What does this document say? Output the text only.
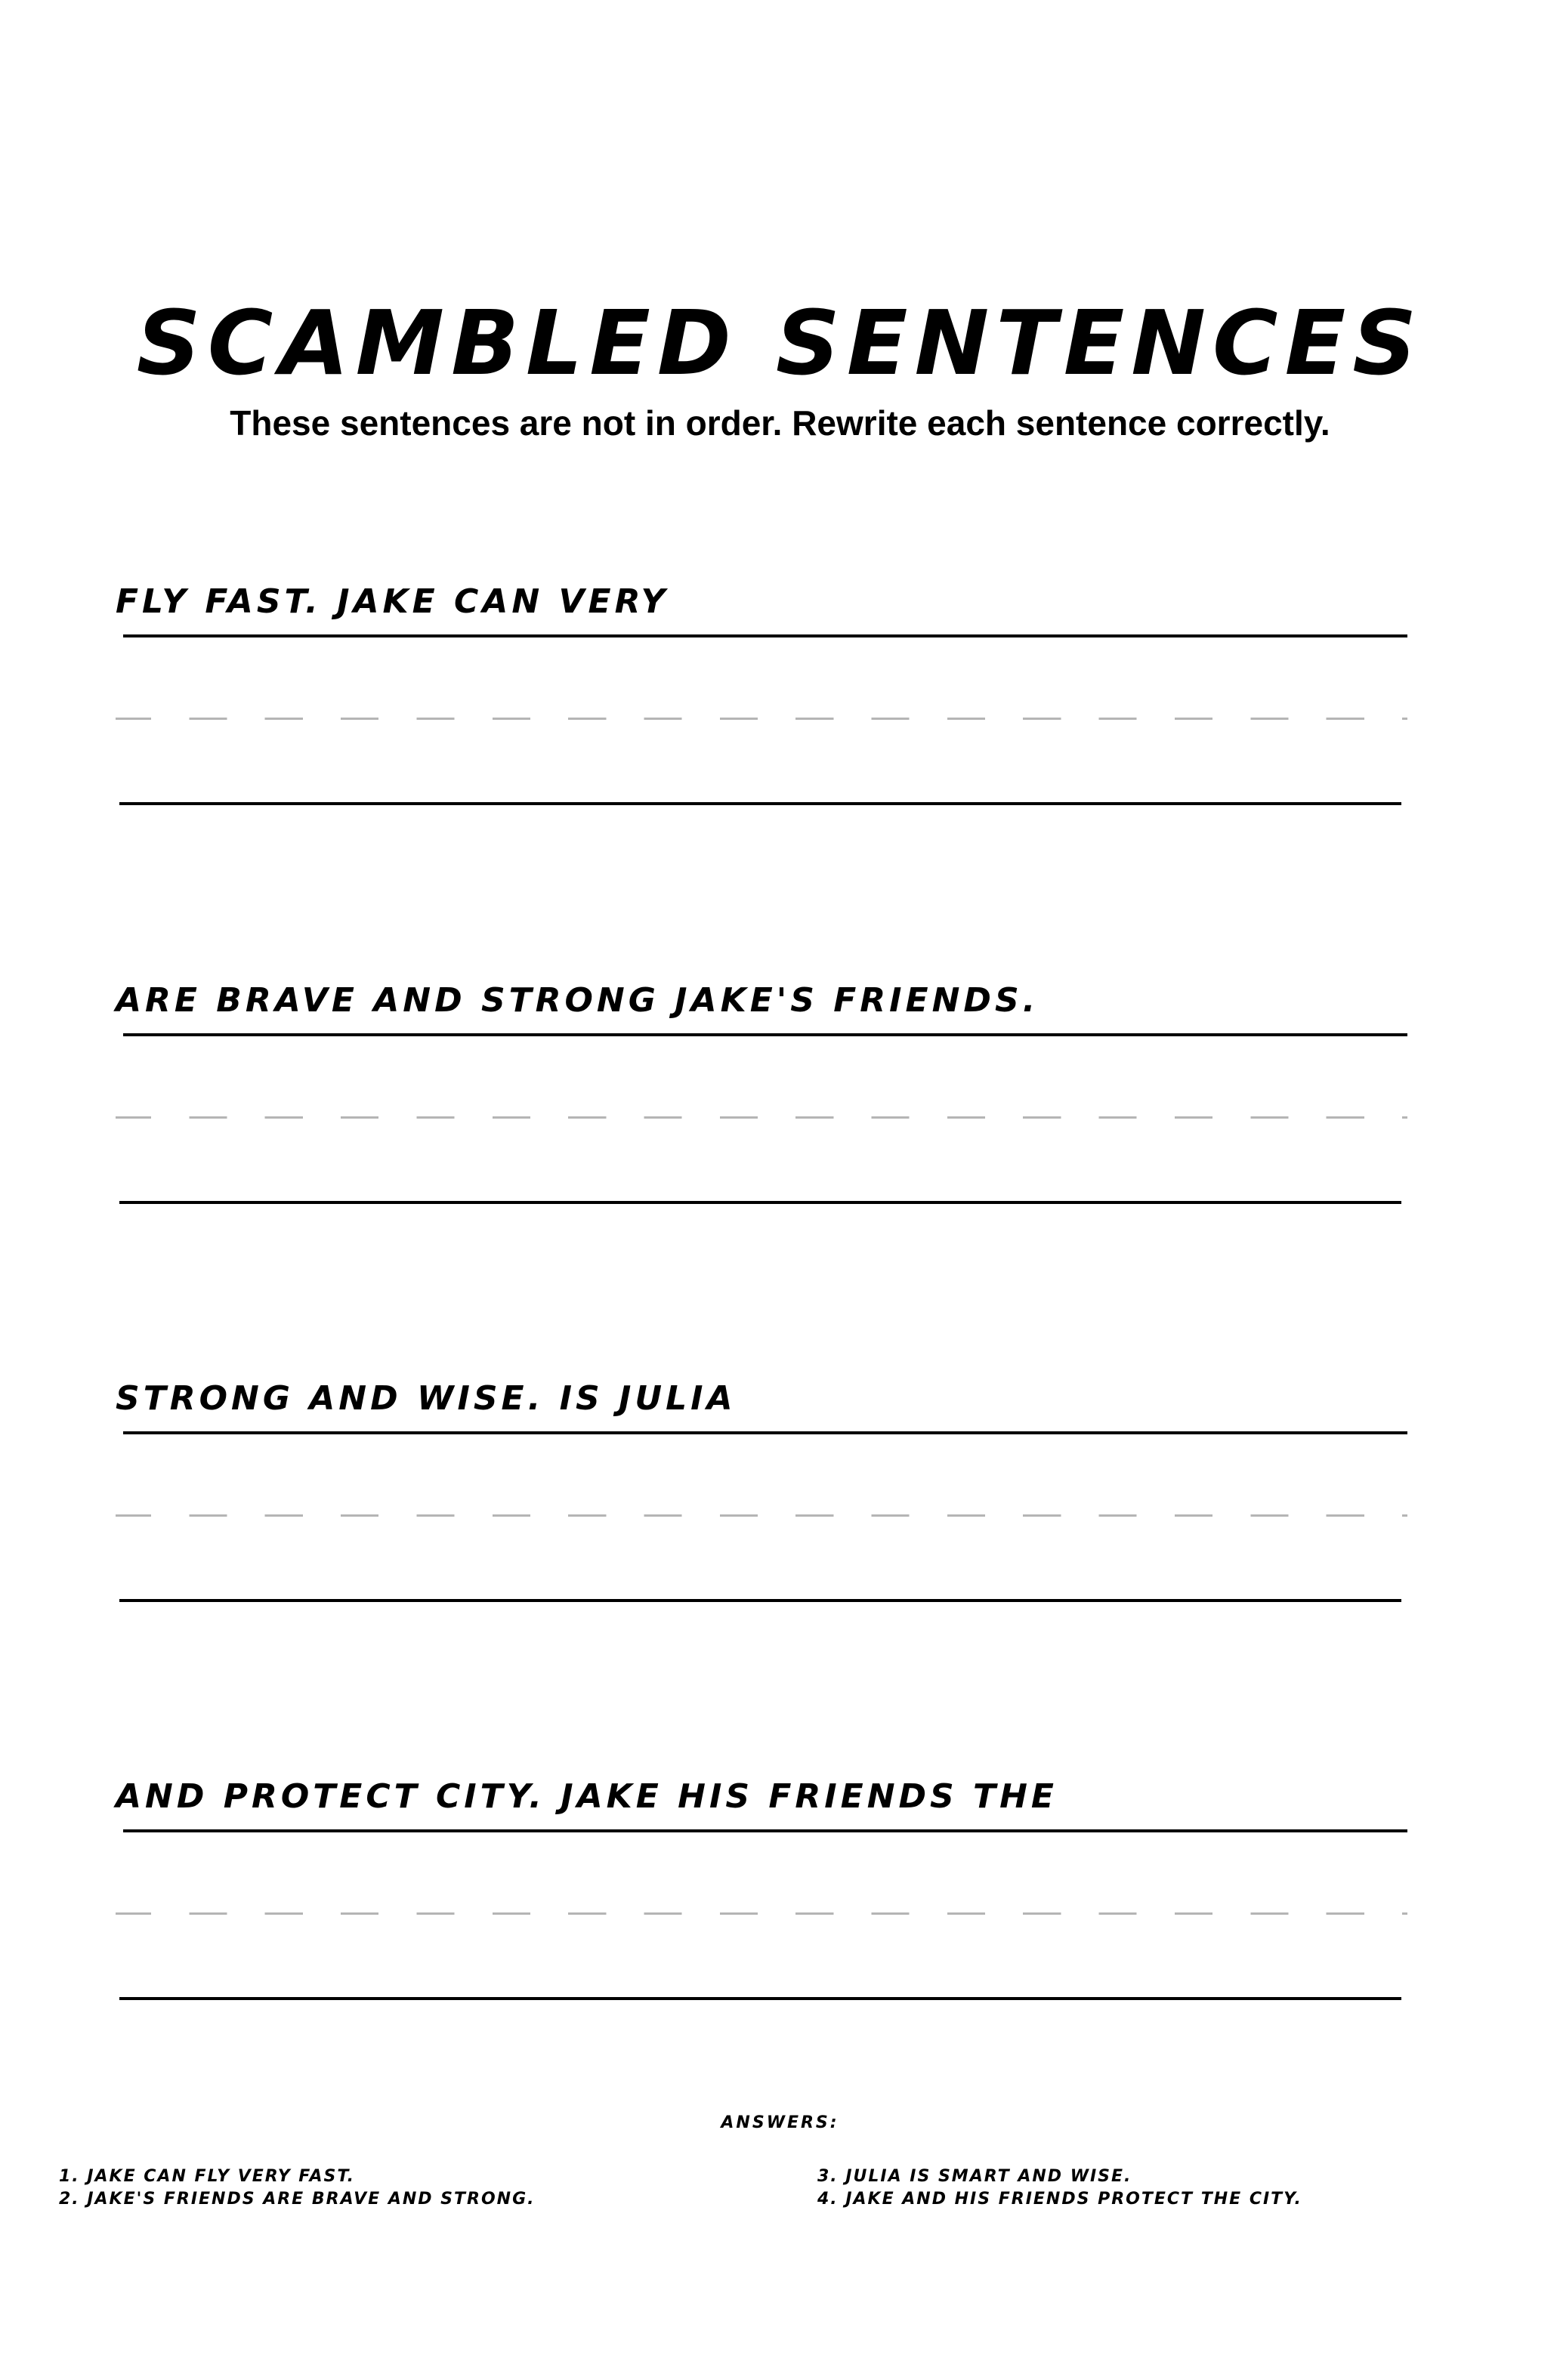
SCAMBLED SENTENCES

These sentences are not in order. Rewrite each sentence correctly.

FLY FAST. JAKE CAN VERY
ARE BRAVE AND STRONG JAKE'S FRIENDS.
STRONG AND WISE. IS JULIA
AND PROTECT CITY. JAKE HIS FRIENDS THE
ANSWERS:
1. JAKE CAN FLY VERY FAST.
2. JAKE'S FRIENDS ARE BRAVE AND STRONG.
3. JULIA IS SMART AND WISE.
4. JAKE AND HIS FRIENDS PROTECT THE CITY.
